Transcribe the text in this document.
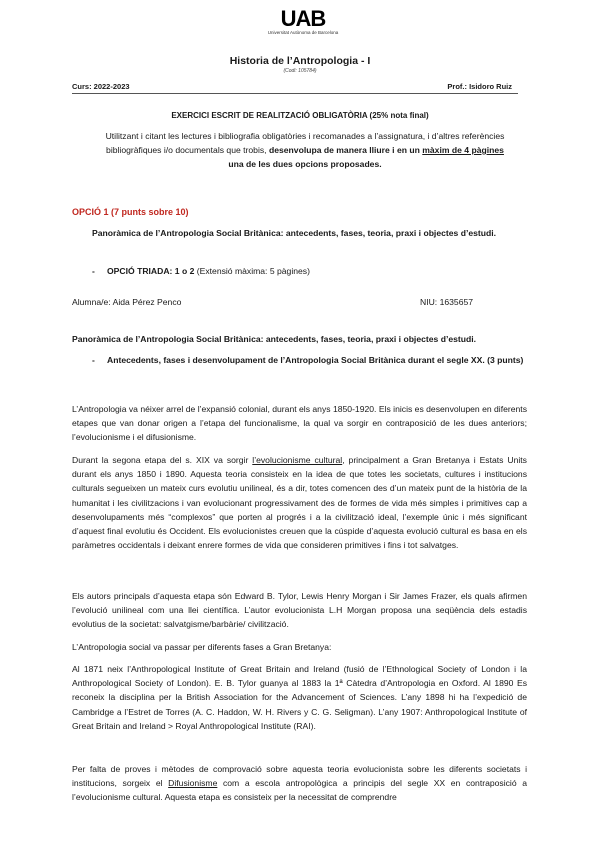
UAB
Universitat Autònoma de Barcelona
Historia de l’Antropologia - I
(Codi: 105784)
Curs: 2022-2023	Prof.: Isidoro Ruiz
EXERCICI ESCRIT DE REALITZACIÓ OBLIGATÒRIA (25% nota final)
Utilitzant i citant les lectures i bibliografia obligatòries i recomanades a l’assignatura, i d’altres referències bibliogràfiques i/o documentals que trobis, desenvolupa de manera lliure i en un màxim de 4 pàgines una de les dues opcions proposades.
OPCIÓ 1 (7 punts sobre 10)
Panoràmica de l’Antropologia Social Britànica: antecedents, fases, teoria, praxi i objectes d’estudi.
- OPCIÓ TRIADA: 1 o 2 (Extensió màxima: 5 pàgines)
Alumna/e: Aida Pérez Penco	NIU: 1635657
Panoràmica de l’Antropologia Social Britànica: antecedents, fases, teoria, praxi i objectes d’estudi.
- Antecedents, fases i desenvolupament de l’Antropologia Social Britànica durant el segle XX. (3 punts)

L’Antropologia va néixer arrel de l’expansió colonial, durant els anys 1850-1920. Els inicis es desenvolupen en diferents etapes que van donar origen a l’etapa del funcionalisme, la qual va sorgir en contraposició de les dues anteriors; l’evolucionisme i el difusionisme.

Durant la segona etapa del s. XIX va sorgir l’evolucionisme cultural, principalment a Gran Bretanya i Estats Units durant els anys 1850 i 1890. Aquesta teoria consisteix en la idea de que totes les societats, cultures i institucions culturals segueixen un mateix curs evolutiu unilineal, és a dir, totes comencen des d’un mateix punt de la història de la humanitat i les civilitzacions i van evolucionant progressivament des de formes de vida més simples i primitives cap a desenvolupaments més “complexos” que porten al progrés i a la civilització ideal, l’exemple únic i més significant d’aquest final evolutiu és Occident. Els evolucionistes creuen que la cúspide d’aquesta evolució cultural es basa en els paràmetres occidentals i deixant enrere formes de vida que consideren primitives i fins i tot salvatges.

Els autors principals d’aquesta etapa són Edward B. Tylor, Lewis Henry Morgan i Sir James Frazer, els quals afirmen l’evolució unilineal com una llei científica. L’autor evolucionista L.H Morgan proposa una seqüència dels estadis evolutius de la societat: salvatgisme/barbàrie/ civilització.

L’Antropologia social va passar per diferents fases a Gran Bretanya:

Al 1871 neix l’Anthropological Institute of Great Britain and Ireland (fusió de l’Ethnological Society of London i la Anthropological Society of London). E. B. Tylor guanya al 1883 la 1ª Càtedra d’Antropologia en Oxford. Al 1890 Es reconeix la disciplina per la British Association for the Advancement of Sciences. L’any 1898 hi ha l’expedició de Cambridge a l’Estret de Torres (A. C. Haddon, W. H. Rivers y C. G. Seligman). L’any 1907: Anthropological Institute of Great Britain and Ireland > Royal Anthropological Institute (RAI).

Per falta de proves i mètodes de comprovació sobre aquesta teoria evolucionista sobre les diferents societats i institucions, sorgeix el Difusionisme com a escola antropològica a principis del segle XX en contraposició a l’evolucionisme cultural. Aquesta etapa es consisteix per la necessitat de comprendre
